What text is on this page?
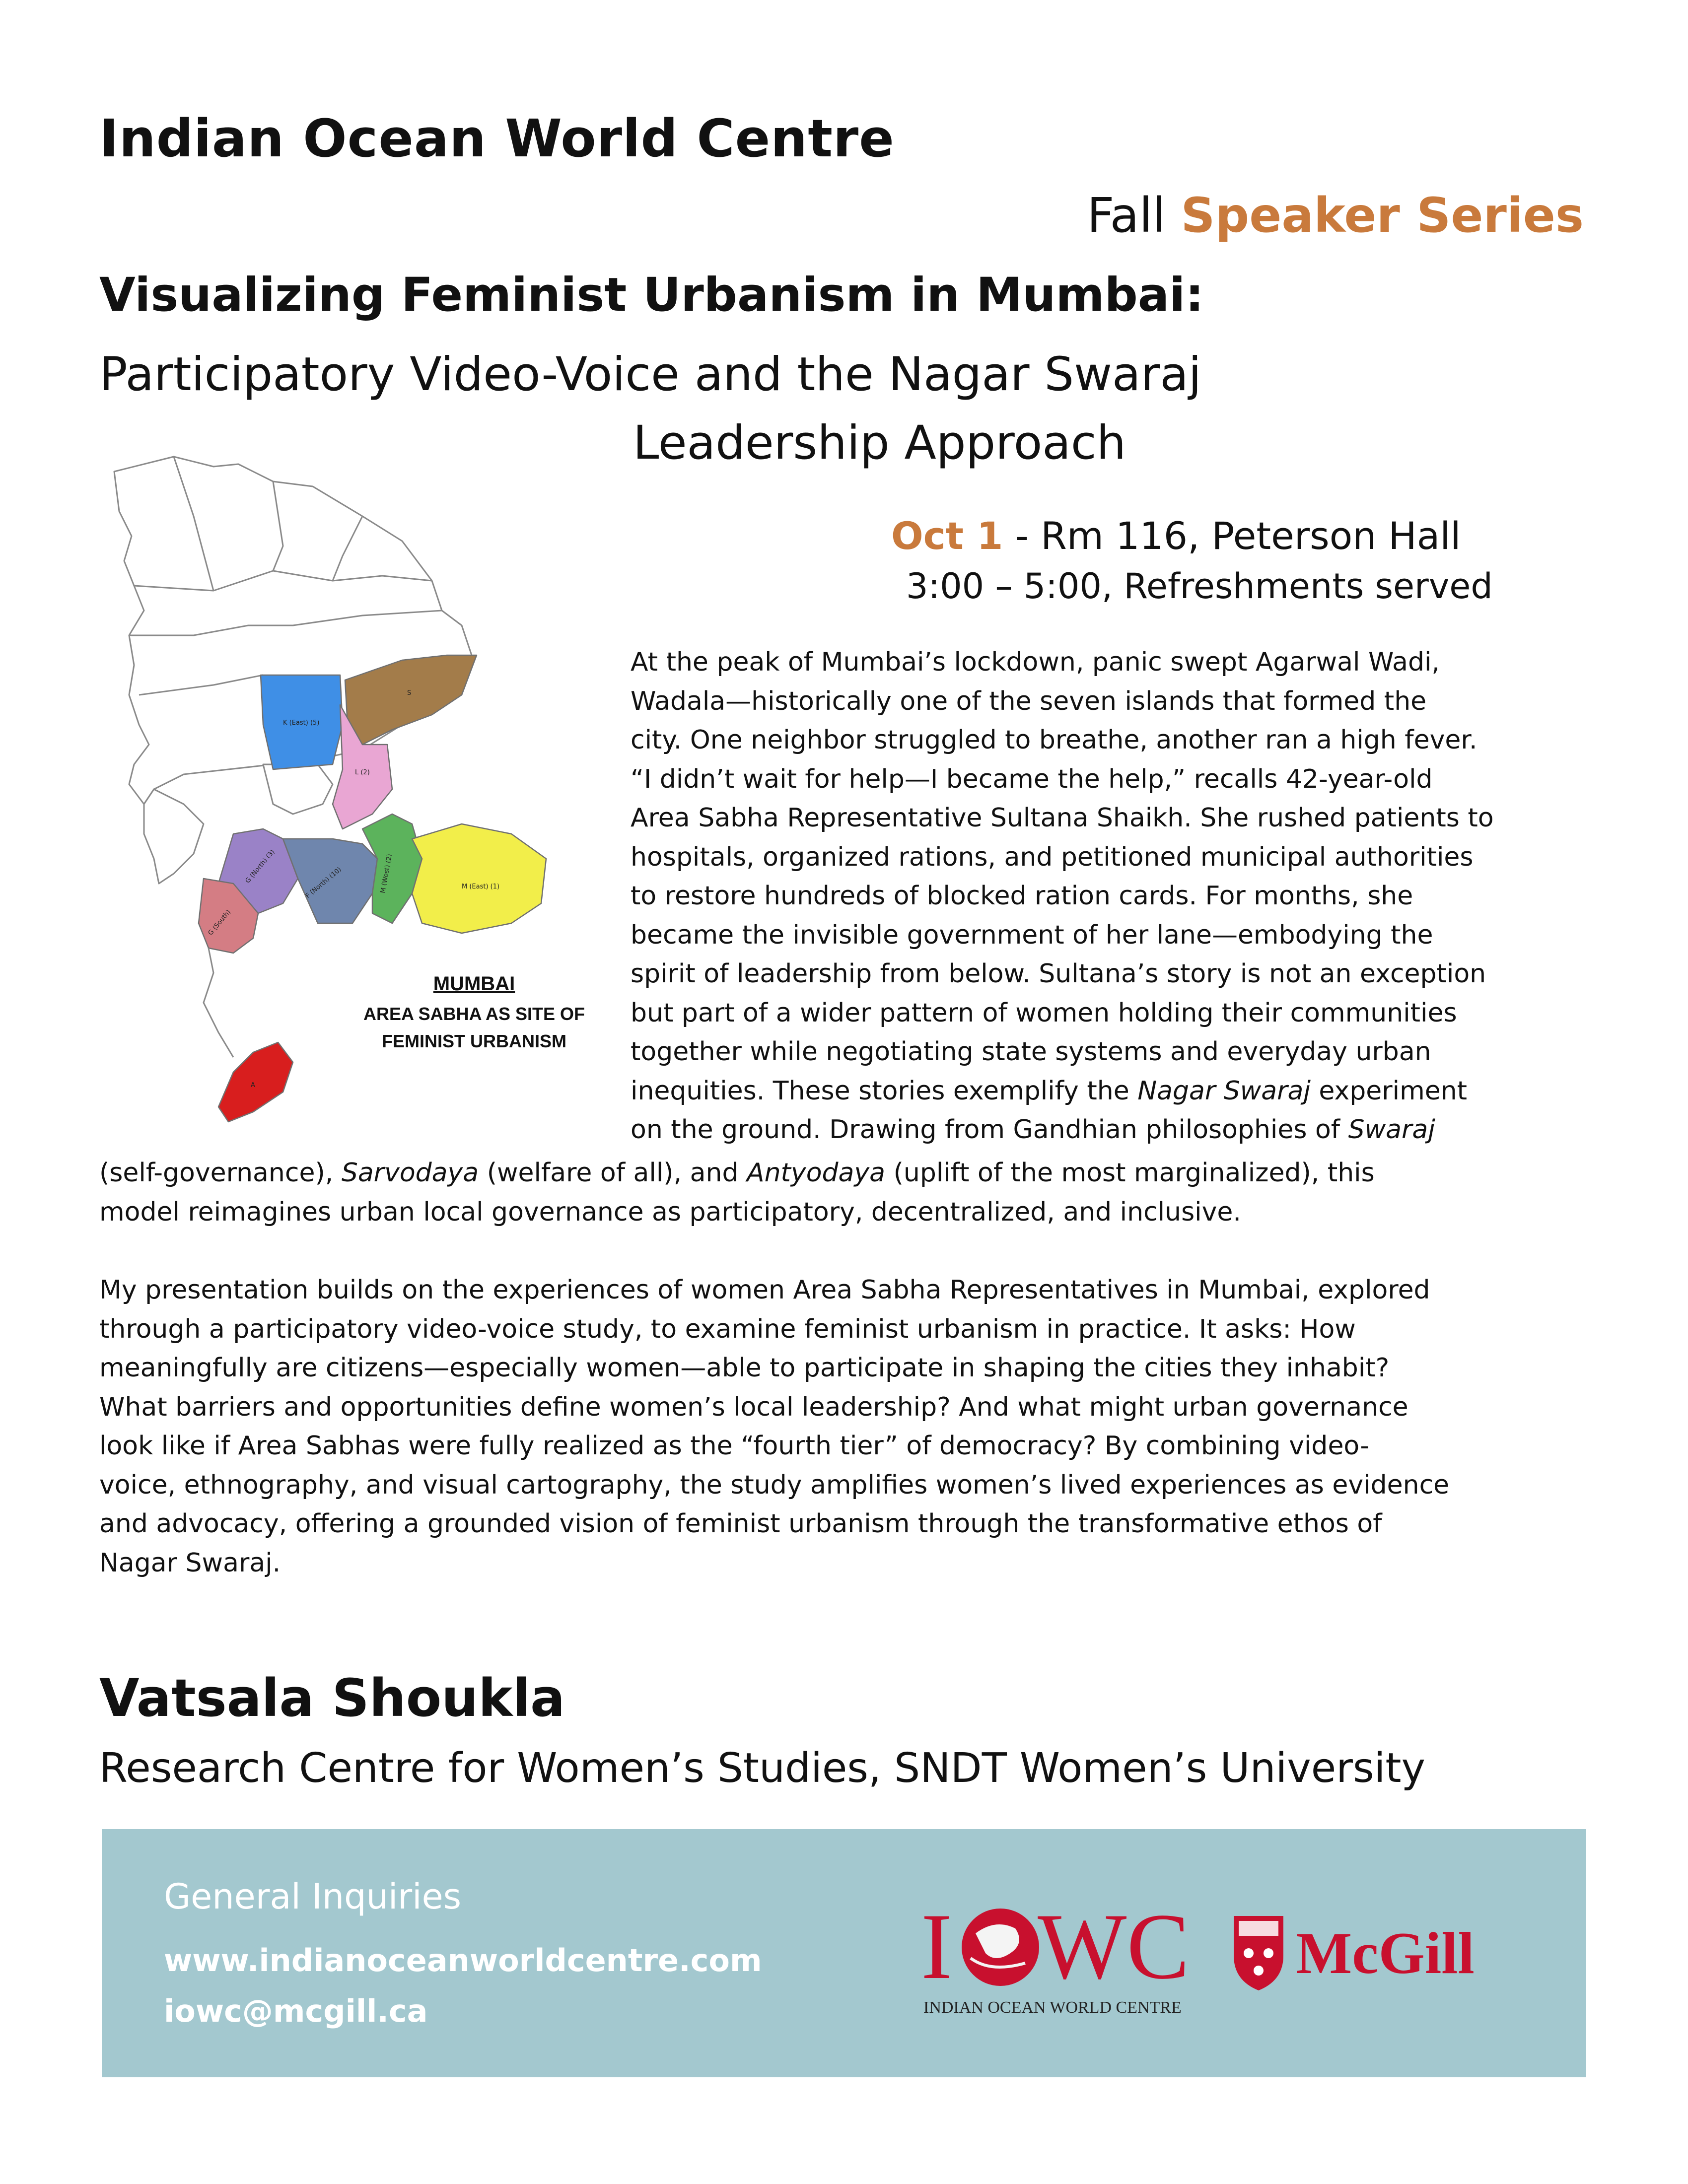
Indian Ocean World Centre
Fall Speaker Series
Visualizing Feminist Urbanism in Mumbai:
Participatory Video-Voice and the Nagar Swaraj
Leadership Approach
Oct 1 - Rm 116, Peterson Hall
3:00 – 5:00, Refreshments served
K (East) (5)
S
L (2)
G (North) (3)	F (North) (10)	M (West) (2)	M (East) (1)
G (South)
A
MUMBAI
AREA SABHA AS SITE OF
FEMINIST URBANISM
At the peak of Mumbai’s lockdown, panic swept Agarwal Wadi,
Wadala—historically one of the seven islands that formed the
city. One neighbor struggled to breathe, another ran a high fever.
“I didn’t wait for help—I became the help,” recalls 42-year-old
Area Sabha Representative Sultana Shaikh. She rushed patients to
hospitals, organized rations, and petitioned municipal authorities
to restore hundreds of blocked ration cards. For months, she
became the invisible government of her lane—embodying the
spirit of leadership from below. Sultana’s story is not an exception
but part of a wider pattern of women holding their communities
together while negotiating state systems and everyday urban
inequities. These stories exemplify the Nagar Swaraj experiment
on the ground. Drawing from Gandhian philosophies of Swaraj
(self-governance), Sarvodaya (welfare of all), and Antyodaya (uplift of the most marginalized), this
model reimagines urban local governance as participatory, decentralized, and inclusive.
My presentation builds on the experiences of women Area Sabha Representatives in Mumbai, explored
through a participatory video-voice study, to examine feminist urbanism in practice. It asks: How
meaningfully are citizens—especially women—able to participate in shaping the cities they inhabit?
What barriers and opportunities define women’s local leadership? And what might urban governance
look like if Area Sabhas were fully realized as the “fourth tier” of democracy? By combining video-
voice, ethnography, and visual cartography, the study amplifies women’s lived experiences as evidence
and advocacy, offering a grounded vision of feminist urbanism through the transformative ethos of
Nagar Swaraj.
Vatsala Shoukla
Research Centre for Women’s Studies, SNDT Women’s University
General Inquiries
www.indianoceanworldcentre.com
iowc@mcgill.ca
I WC
INDIAN OCEAN WORLD CENTRE
McGill
